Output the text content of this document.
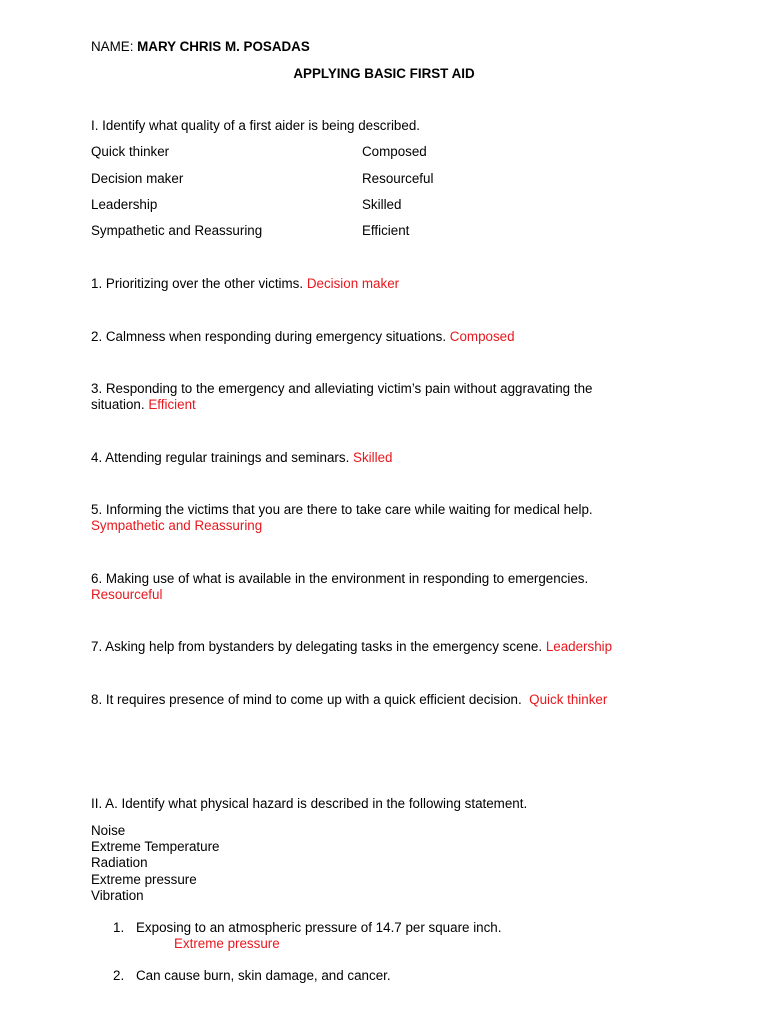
NAME: MARY CHRIS M. POSADAS
APPLYING BASIC FIRST AID
I. Identify what quality of a first aider is being described.
Quick thinker	Composed
Decision maker	Resourceful
Leadership	Skilled
Sympathetic and Reassuring	Efficient
1. Prioritizing over the other victims. Decision maker
2. Calmness when responding during emergency situations. Composed
3. Responding to the emergency and alleviating victim’s pain without aggravating the
situation. Efficient
4. Attending regular trainings and seminars. Skilled
5. Informing the victims that you are there to take care while waiting for medical help.
Sympathetic and Reassuring
6. Making use of what is available in the environment in responding to emergencies.
Resourceful
7. Asking help from bystanders by delegating tasks in the emergency scene. Leadership
8. It requires presence of mind to come up with a quick efficient decision. Quick thinker
II. A. Identify what physical hazard is described in the following statement.
Noise
Extreme Temperature
Radiation
Extreme pressure
Vibration
1. Exposing to an atmospheric pressure of 14.7 per square inch.
Extreme pressure
2. Can cause burn, skin damage, and cancer.
